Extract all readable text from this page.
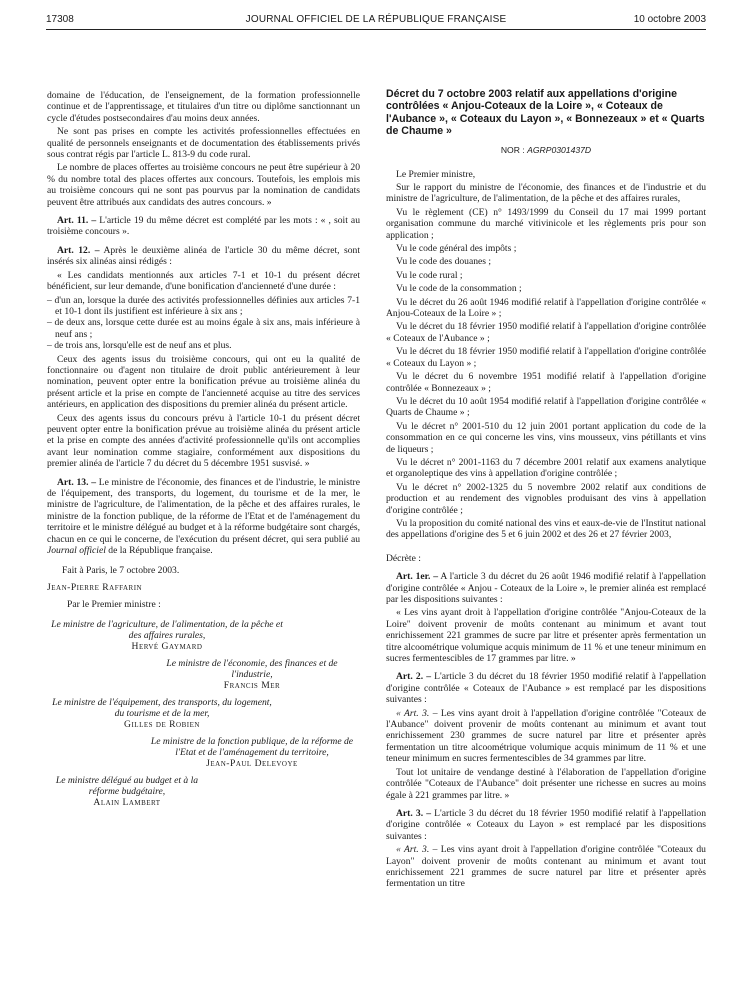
17308	JOURNAL OFFICIEL DE LA RÉPUBLIQUE FRANÇAISE	10 octobre 2003

domaine de l'éducation, de l'enseignement, de la formation professionnelle continue et de l'apprentissage, et titulaires d'un titre ou diplôme sanctionnant un cycle d'études postsecondaires d'au moins deux années.

Ne sont pas prises en compte les activités professionnelles effectuées en qualité de personnels enseignants et de documentation des établissements privés sous contrat régis par l'article L. 813-9 du code rural.

Le nombre de places offertes au troisième concours ne peut être supérieur à 20 % du nombre total des places offertes aux concours. Toutefois, les emplois mis au troisième concours qui ne sont pas pourvus par la nomination de candidats peuvent être attribués aux candidats des autres concours. »

Art. 11. – L'article 19 du même décret est complété par les mots : « , soit au troisième concours ».

Art. 12. – Après le deuxième alinéa de l'article 30 du même décret, sont insérés six alinéas ainsi rédigés :

« Les candidats mentionnés aux articles 7-1 et 10-1 du présent décret bénéficient, sur leur demande, d'une bonification d'ancienneté d'une durée :

– d'un an, lorsque la durée des activités professionnelles définies aux articles 7-1 et 10-1 dont ils justifient est inférieure à six ans ;
– de deux ans, lorsque cette durée est au moins égale à six ans, mais inférieure à neuf ans ;
– de trois ans, lorsqu'elle est de neuf ans et plus.

Ceux des agents issus du troisième concours, qui ont eu la qualité de fonctionnaire ou d'agent non titulaire de droit public antérieurement à leur nomination, peuvent opter entre la bonification prévue au troisième alinéa du présent article et la prise en compte de l'ancienneté acquise au titre des services antérieurs, en application des dispositions du premier alinéa du présent article.

Ceux des agents issus du concours prévu à l'article 10-1 du présent décret peuvent opter entre la bonification prévue au troisième alinéa du présent article et la prise en compte des années d'activité professionnelle qu'ils ont accomplies avant leur nomination comme stagiaire, conformément aux dispositions du premier alinéa de l'article 7 du décret du 5 décembre 1951 susvisé. »

Art. 13. – Le ministre de l'économie, des finances et de l'industrie, le ministre de l'équipement, des transports, du logement, du tourisme et de la mer, le ministre de l'agriculture, de l'alimentation, de la pêche et des affaires rurales, le ministre de la fonction publique, de la réforme de l'Etat et de l'aménagement du territoire et le ministre délégué au budget et à la réforme budgétaire sont chargés, chacun en ce qui le concerne, de l'exécution du présent décret, qui sera publié au Journal officiel de la République française.

Fait à Paris, le 7 octobre 2003.

Jean-Pierre Raffarin

Par le Premier ministre :

Le ministre de l'agriculture, de l'alimentation, de la pêche et des affaires rurales,
Hervé Gaymard
Le ministre de l'économie, des finances et de l'industrie,
Francis Mer
Le ministre de l'équipement, des transports, du logement, du tourisme et de la mer,
Gilles de Robien
Le ministre de la fonction publique, de la réforme de l'Etat et de l'aménagement du territoire,
Jean-Paul Delevoye
Le ministre délégué au budget et à la réforme budgétaire,
Alain Lambert
Décret du 7 octobre 2003 relatif aux appellations d'origine contrôlées « Anjou-Coteaux de la Loire », « Coteaux de l'Aubance », « Coteaux du Layon », « Bonnezeaux » et « Quarts de Chaume »
NOR : AGRP0301437D

Le Premier ministre,

Sur le rapport du ministre de l'économie, des finances et de l'industrie et du ministre de l'agriculture, de l'alimentation, de la pêche et des affaires rurales,

Vu le règlement (CE) n° 1493/1999 du Conseil du 17 mai 1999 portant organisation commune du marché vitivinicole et les règlements pris pour son application ;

Vu le code général des impôts ;

Vu le code des douanes ;

Vu le code rural ;

Vu le code de la consommation ;

Vu le décret du 26 août 1946 modifié relatif à l'appellation d'origine contrôlée « Anjou-Coteaux de la Loire » ;

Vu le décret du 18 février 1950 modifié relatif à l'appellation d'origine contrôlée « Coteaux de l'Aubance » ;

Vu le décret du 18 février 1950 modifié relatif à l'appellation d'origine contrôlée « Coteaux du Layon » ;

Vu le décret du 6 novembre 1951 modifié relatif à l'appellation d'origine contrôlée « Bonnezeaux » ;

Vu le décret du 10 août 1954 modifié relatif à l'appellation d'origine contrôlée « Quarts de Chaume » ;

Vu le décret n° 2001-510 du 12 juin 2001 portant application du code de la consommation en ce qui concerne les vins, vins mousseux, vins pétillants et vins de liqueurs ;

Vu le décret n° 2001-1163 du 7 décembre 2001 relatif aux examens analytique et organoleptique des vins à appellation d'origine contrôlée ;

Vu le décret n° 2002-1325 du 5 novembre 2002 relatif aux conditions de production et au rendement des vignobles produisant des vins à appellation d'origine contrôlée ;

Vu la proposition du comité national des vins et eaux-de-vie de l'Institut national des appellations d'origine des 5 et 6 juin 2002 et des 26 et 27 février 2003,

Décrète :

Art. 1er. – A l'article 3 du décret du 26 août 1946 modifié relatif à l'appellation d'origine contrôlée « Anjou - Coteaux de la Loire », le premier alinéa est remplacé par les dispositions suivantes :

« Les vins ayant droit à l'appellation d'origine contrôlée "Anjou-Coteaux de la Loire" doivent provenir de moûts contenant au minimum et avant tout enrichissement 221 grammes de sucre par litre et présenter après fermentation un titre alcoométrique volumique acquis minimum de 11 % et une teneur minimum en sucres fermentescibles de 17 grammes par litre. »

Art. 2. – L'article 3 du décret du 18 février 1950 modifié relatif à l'appellation d'origine contrôlée « Coteaux de l'Aubance » est remplacé par les dispositions suivantes :

« Art. 3. – Les vins ayant droit à l'appellation d'origine contrôlée "Coteaux de l'Aubance" doivent provenir de moûts contenant au minimum et avant tout enrichissement 230 grammes de sucre naturel par litre et présenter après fermentation un titre alcoométrique volumique acquis minimum de 11 % et une teneur minimum en sucres fermentescibles de 34 grammes par litre.

Tout lot unitaire de vendange destiné à l'élaboration de l'appellation d'origine contrôlée "Coteaux de l'Aubance" doit présenter une richesse en sucres au moins égale à 221 grammes par litre. »

Art. 3. – L'article 3 du décret du 18 février 1950 modifié relatif à l'appellation d'origine contrôlée « Coteaux du Layon » est remplacé par les dispositions suivantes :

« Art. 3. – Les vins ayant droit à l'appellation d'origine contrôlée "Coteaux du Layon" doivent provenir de moûts contenant au minimum et avant tout enrichissement 221 grammes de sucre naturel par litre et présenter après fermentation un titre
